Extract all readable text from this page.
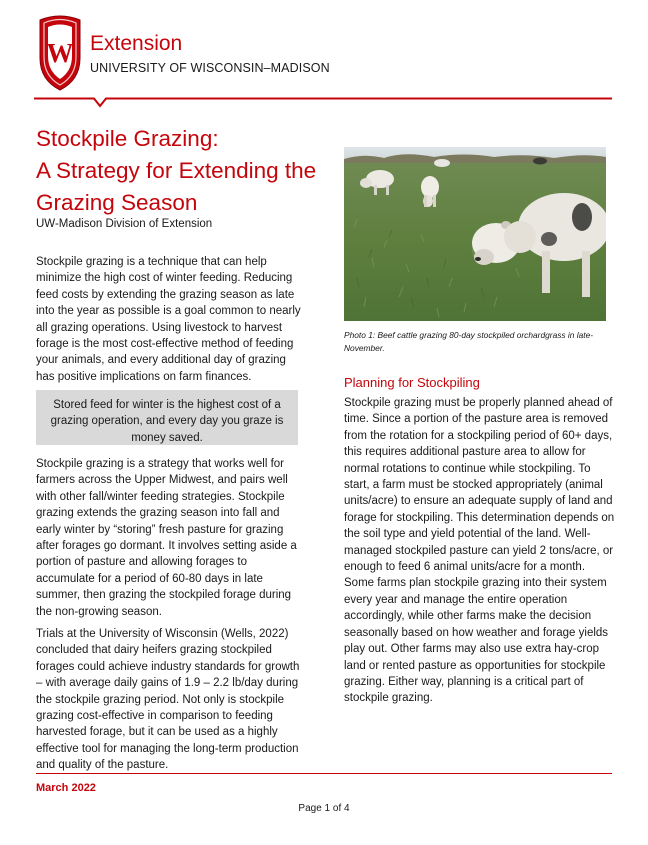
W Extension
UNIVERSITY OF WISCONSIN–MADISON
Stockpile Grazing:
A Strategy for Extending the
Grazing Season
UW-Madison Division of Extension

Stockpile grazing is a technique that can help minimize the high cost of winter feeding. Reducing feed costs by extending the grazing season as late into the year as possible is a goal common to nearly all grazing operations. Using livestock to harvest forage is the most cost-effective method of feeding your animals, and every additional day of grazing has positive implications on farm finances.

Stored feed for winter is the highest cost of a grazing operation, and every day you graze is money saved.

Stockpile grazing is a strategy that works well for farmers across the Upper Midwest, and pairs well with other fall/winter feeding strategies. Stockpile grazing extends the grazing season into fall and early winter by “storing” fresh pasture for grazing after forages go dormant. It involves setting aside a portion of pasture and allowing forages to accumulate for a period of 60-80 days in late summer, then grazing the stockpiled forage during the non-growing season.

Trials at the University of Wisconsin (Wells, 2022) concluded that dairy heifers grazing stockpiled forages could achieve industry standards for growth – with average daily gains of 1.9 – 2.2 lb/day during the stockpile grazing period. Not only is stockpile grazing cost-effective in comparison to feeding harvested forage, but it can be used as a highly effective tool for managing the long-term production and quality of the pasture.

Photo 1: Beef cattle grazing 80-day stockpiled orchardgrass in late-November.
Planning for Stockpiling

Stockpile grazing must be properly planned ahead of time. Since a portion of the pasture area is removed from the rotation for a stockpiling period of 60+ days, this requires additional pasture area to allow for normal rotations to continue while stockpiling. To start, a farm must be stocked appropriately (animal units/acre) to ensure an adequate supply of land and forage for stockpiling. This determination depends on the soil type and yield potential of the land. Well-managed stockpiled pasture can yield 2 tons/acre, or enough to feed 6 animal units/acre for a month. Some farms plan stockpile grazing into their system every year and manage the entire operation accordingly, while other farms make the decision seasonally based on how weather and forage yields play out. Other farms may also use extra hay-crop land or rented pasture as opportunities for stockpile grazing. Either way, planning is a critical part of stockpile grazing.

March 2022
Page 1 of 4
